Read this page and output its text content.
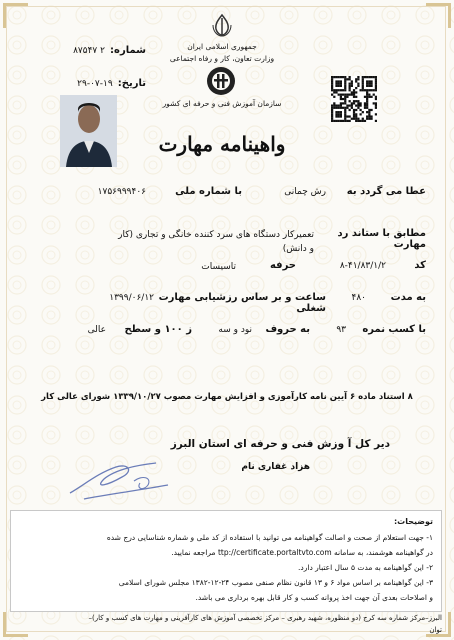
جمهوری اسلامی ایران
وزارت تعاون، کار و رفاه اجتماعی
سازمان آموزش فنی و حرفه ای کشور
شماره: ۲ ۸۷۵۴۷
تاریخ: ۱۹-۰۷-۲۹
واهینامه مهارت
عطا می گردد به
رش چمانی
با شماره ملی
۱۷۵۶۹۹۹۴۰۶
مطابق با ستاند رد مهارت
تعمیرکار دستگاه های سرد کننده خانگی و تجاری (کار و دانش)
کد
۸-۴۱/۸۳/۱/۲
حرفه
تاسیسات
به مدت
۴۸۰
ساعت و بر ساس رزشیابی مهارت شغلی
۱۳۹۹/۰۶/۱۲
با کسب نمره
۹۳
به حروف
نود و سه
ز ۱۰۰ و سطح
عالی
۸ استناد ماده ۶ آیین نامه کارآموزی و افزایش مهارت مصوب ۱۳۳۹/۱۰/۲۷ شورای عالی کار
دیر کل آ وزش فنی و حرفه ای استان البرز
هزاد غفاری نام
توضیحات:
۱- جهت استعلام از صحت و اصالت گواهینامه می توانید با استفاده از کد ملی و شماره شناسایی درج شده
در گواهینامه هوشمند، به سامانه ttp://certificate.portaltvto.com مراجعه نمایید.
۲- این گواهینامه به مدت ۵ سال اعتبار دارد.
۳- این گواهینامه بر اساس مواد ۶ و ۱۳ قانون نظام صنفی مصوب ۲۴-۱۲-۱۳۸۲ مجلس شورای اسلامی
و اصلاحات بعدی آن جهت اخذ پروانه کسب و کار قابل بهره برداری می باشد.
البرز–مرکز شماره سه کرج (دو منظوره، شهید رهبری – مرکز تخصصی آموزش های کارآفرینی و مهارت های کسب و کار)–
توان
